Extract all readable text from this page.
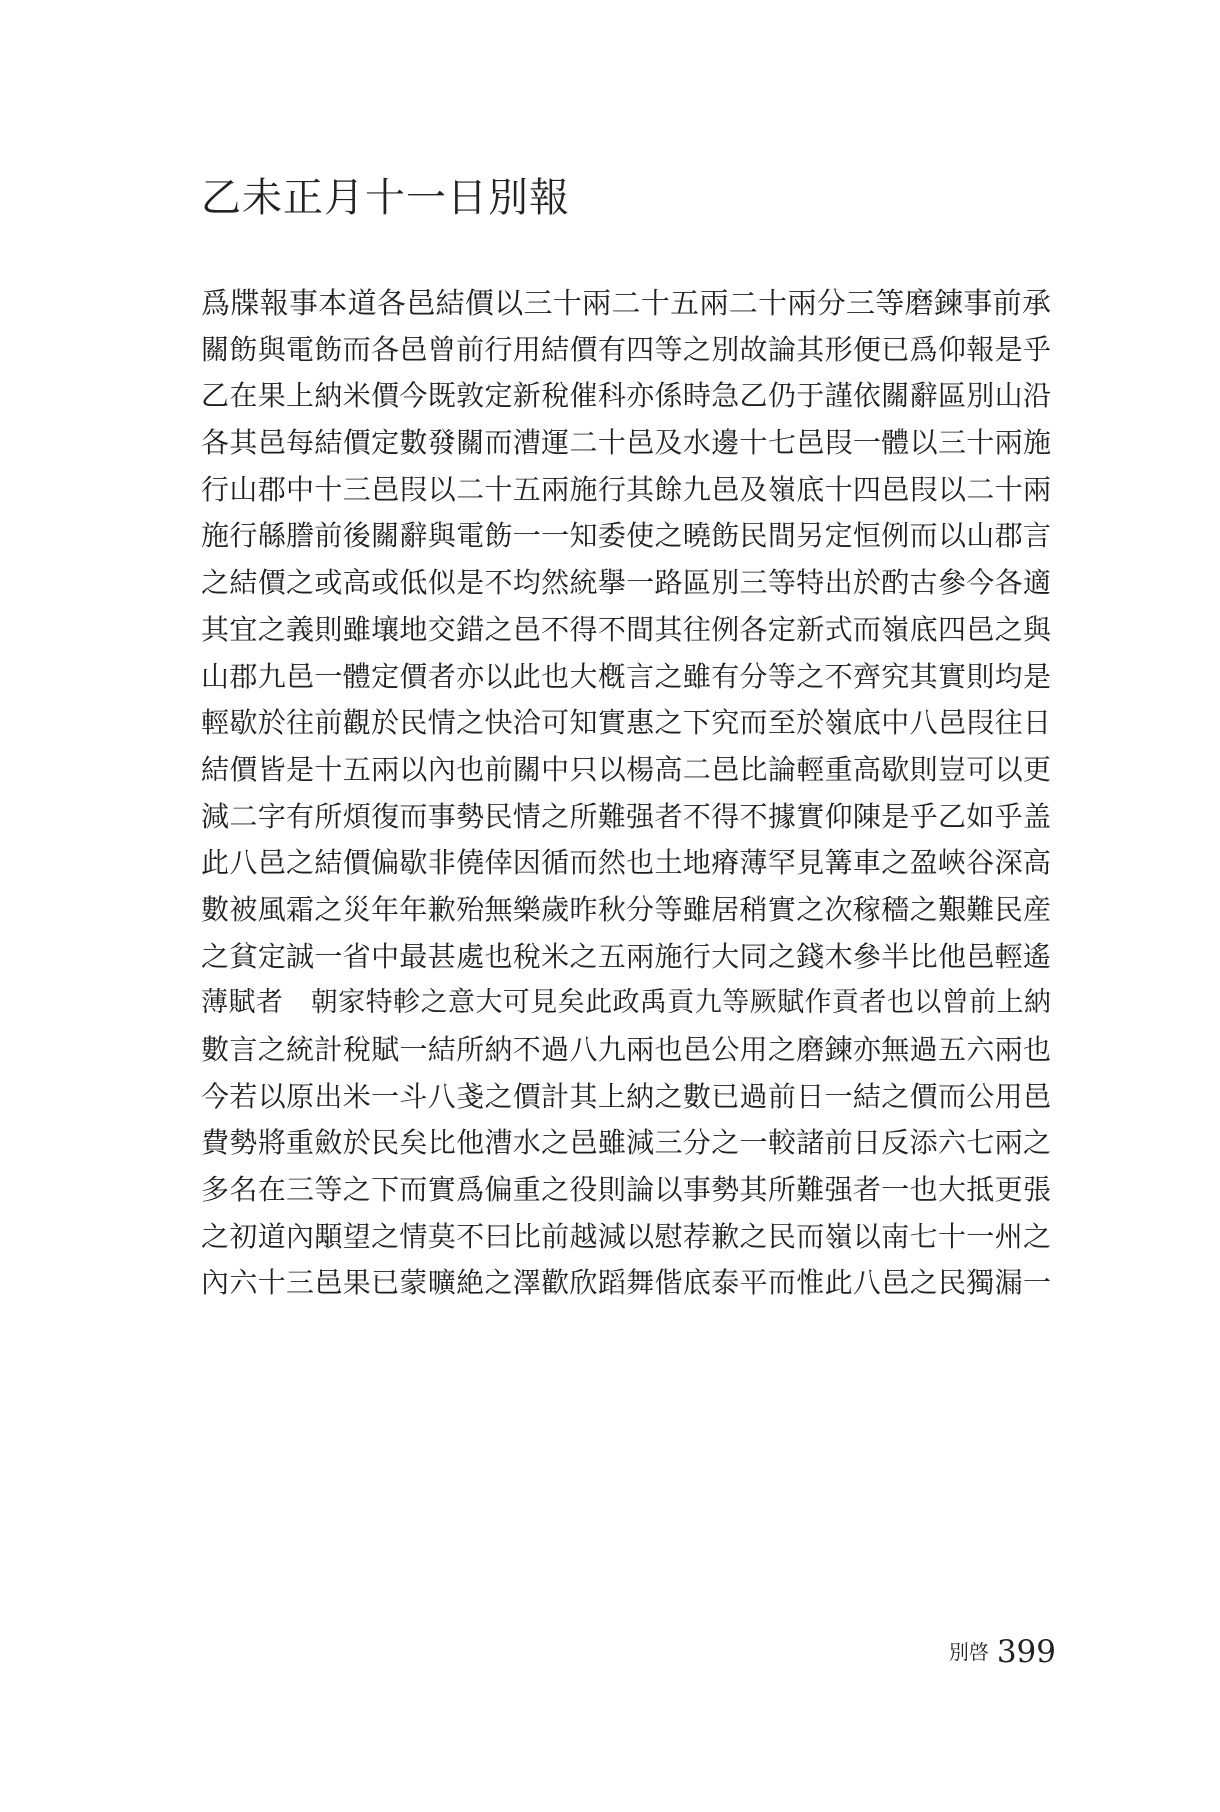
乙未正月十一日別報
爲牒報事本道各邑結價以三十兩二十五兩二十兩分三等磨鍊事前承
關飭與電飭而各邑曾前行用結價有四等之別故論其形便已爲仰報是乎
乙在果上納米價今既敦定新稅催科亦係時急乙仍于謹依關辭區別山沿
各其邑每結價定數發關而漕運二十邑及水邊十七邑叚一體以三十兩施
行山郡中十三邑叚以二十五兩施行其餘九邑及嶺底十四邑叚以二十兩
施行緜謄前後關辭與電飭一一知委使之曉飭民間另定恒例而以山郡言
之結價之或高或低似是不均然統擧一路區別三等特出於酌古參今各適
其宜之義則雖壤地交錯之邑不得不間其往例各定新式而嶺底四邑之與
山郡九邑一體定價者亦以此也大槪言之雖有分等之不齊究其實則均是
輕歇於往前觀於民情之快洽可知實惠之下究而至於嶺底中八邑叚往日
結價皆是十五兩以內也前關中只以楊高二邑比論輕重高歇則豈可以更
減二字有所煩復而事勢民情之所難强者不得不據實仰陳是乎乙如乎盖
此八邑之結價偏歇非僥倖因循而然也土地瘠薄罕見篝車之盈峽谷深高
數被風霜之災年年歉殆無樂歲昨秋分等雖居稍實之次稼穡之艱難民産
之貧定誠一省中最甚處也稅米之五兩施行大同之錢木參半比他邑輕遙
薄賦者　朝家特軫之意大可見矣此政禹貢九等厥賦作貢者也以曾前上納
數言之統計稅賦一結所納不過八九兩也邑公用之磨鍊亦無過五六兩也
今若以原出米一斗八戔之價計其上納之數已過前日一結之價而公用邑
費勢將重斂於民矣比他漕水之邑雖減三分之一較諸前日反添六七兩之
多名在三等之下而實爲偏重之役則論以事勢其所難强者一也大抵更張
之初道內顒望之情莫不曰比前越減以慰荐歉之民而嶺以南七十一州之
內六十三邑果已蒙曠絶之澤歡欣蹈舞偕底泰平而惟此八邑之民獨漏一
別啓 399
